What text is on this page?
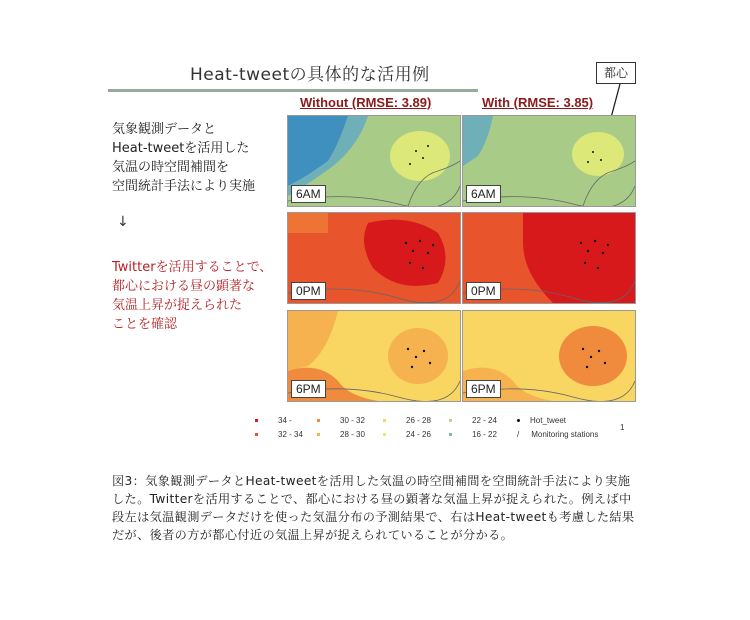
Heat-tweetの具体的な活用例	都心
Without (RMSE: 3.89)	With (RMSE: 3.85)
気象観測データと
Heat-tweetを活用した
気温の時空間補間を
空間統計手法により実施
↓
Twitterを活用することで、
都心における昼の顕著な
気温上昇が捉えられた
ことを確認
6AM	6AM
0PM	0PM
6PM	6PM
34 -
32 - 34
30 - 32
28 - 30
26 - 28
24 - 26
22 - 24
16 - 22
Hot_tweet
/ Monitoring stations
1
図3：気象観測データとHeat-tweetを活用した気温の時空間補間を空間統計手法により実施した。Twitterを活用することで、都心における昼の顕著な気温上昇が捉えられた。例えば中段左は気温観測データだけを使った気温分布の予測結果で、右はHeat-tweetも考慮した結果だが、後者の方が都心付近の気温上昇が捉えられていることが分かる。
